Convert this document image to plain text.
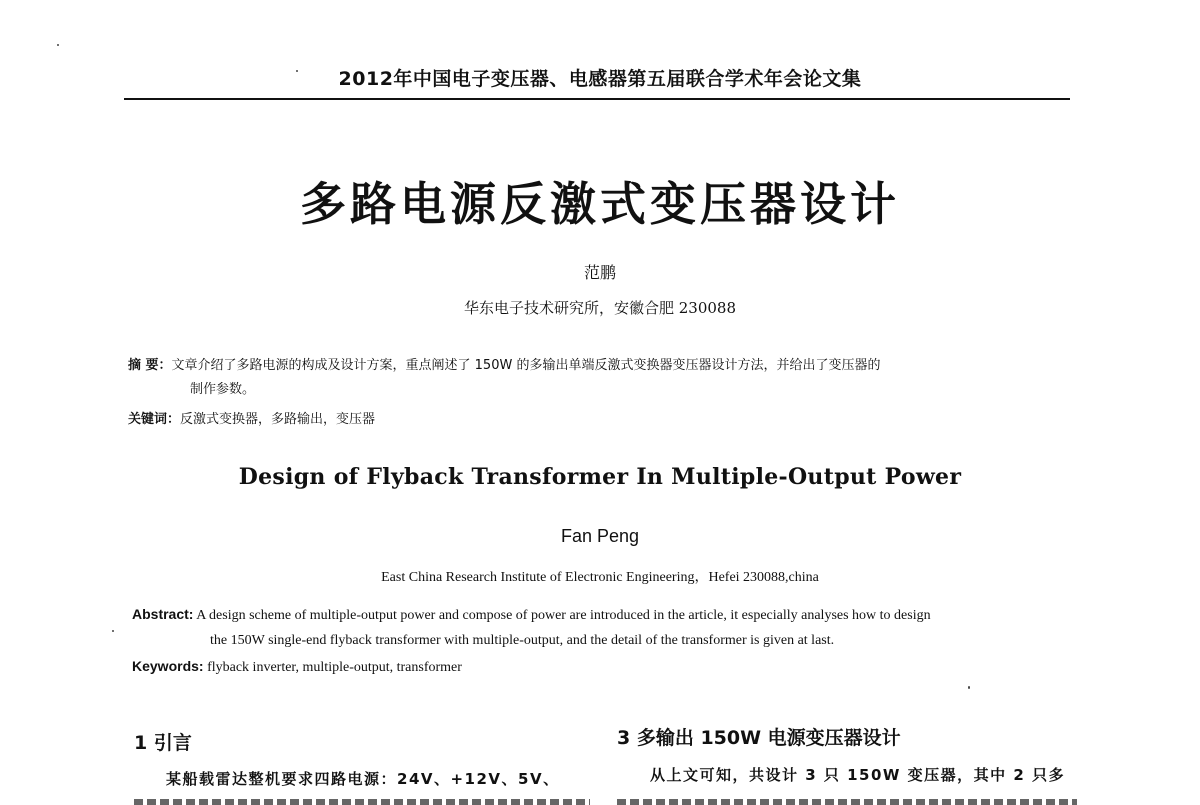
2012年中国电子变压器、电感器第五届联合学术年会论文集
多路电源反激式变压器设计
范鹏
华东电子技术研究所，安徽合肥 230088
摘 要：文章介绍了多路电源的构成及设计方案，重点阐述了 150W 的多输出单端反激式变换器变压器设计方法，并给出了变压器的
制作参数。
关键词：反激式变换器，多路输出，变压器
Design of Flyback Transformer In Multiple-Output Power
Fan Peng
East China Research Institute of Electronic Engineering，Hefei 230088,china
Abstract: A design scheme of multiple-output power and compose of power are introduced in the article, it especially analyses how to design
the 150W single-end flyback transformer with multiple-output, and the detail of the transformer is given at last.
Keywords: flyback inverter, multiple-output, transformer
1 引言
某船载雷达整机要求四路电源：24V、+12V、5V、
3 多输出 150W 电源变压器设计
从上文可知，共设计 3 只 150W 变压器，其中 2 只多
